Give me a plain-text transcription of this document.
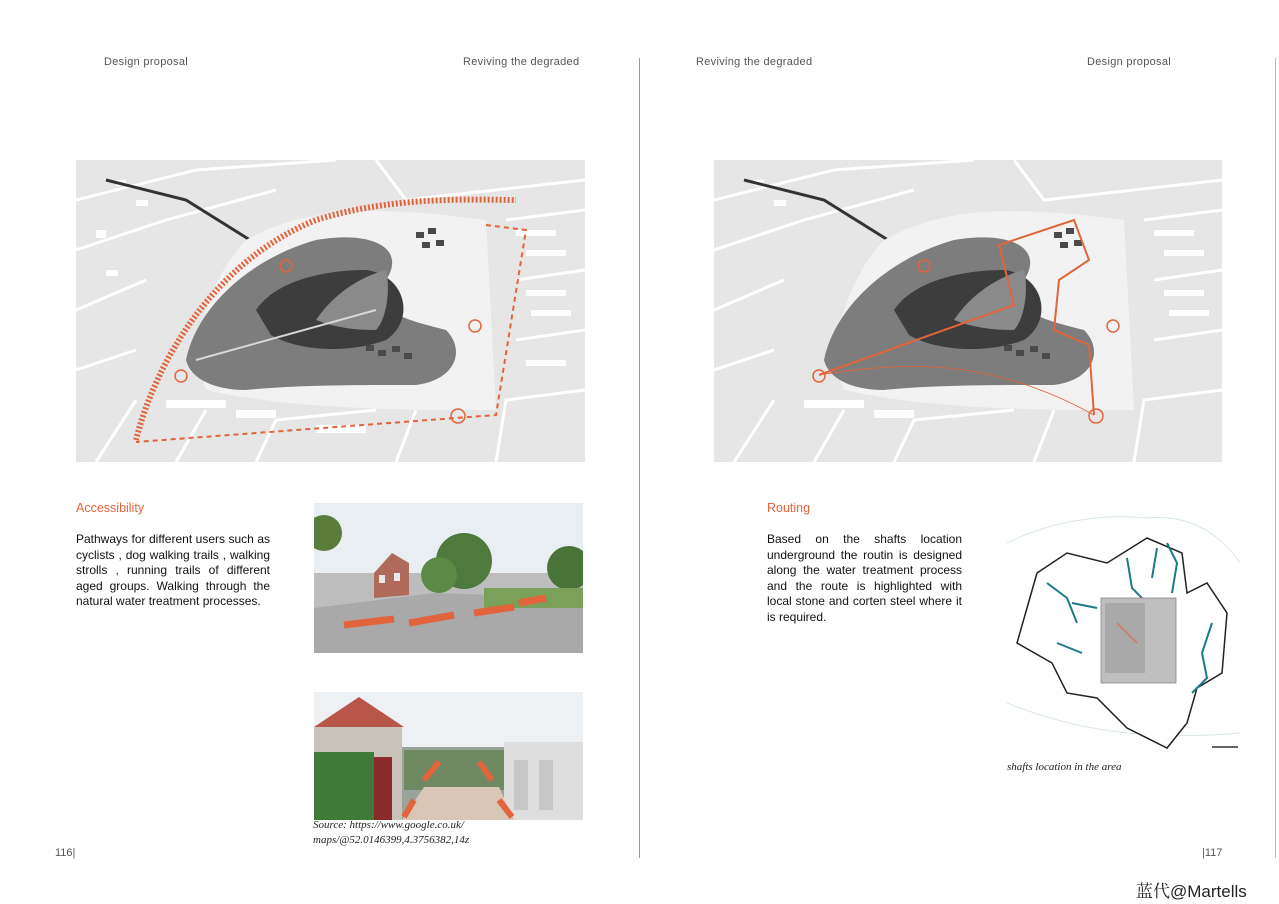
Design proposal	Reviving the degraded
Accessibility
Pathways for different users such as cyclists , dog walking trails , walking strolls , running trails of different aged groups. Walking through the natural water treatment processes.
Source: https://www.google.co.uk/
maps/@52.0146399,4.3756382,14z
116|
Reviving the degraded	Design proposal
Routing
Based on the shafts location underground the routin is designed along the water treatment process and the route is highlighted with local stone and corten steel where it is required.
shafts location in the area
|117
蓝代@Martells
